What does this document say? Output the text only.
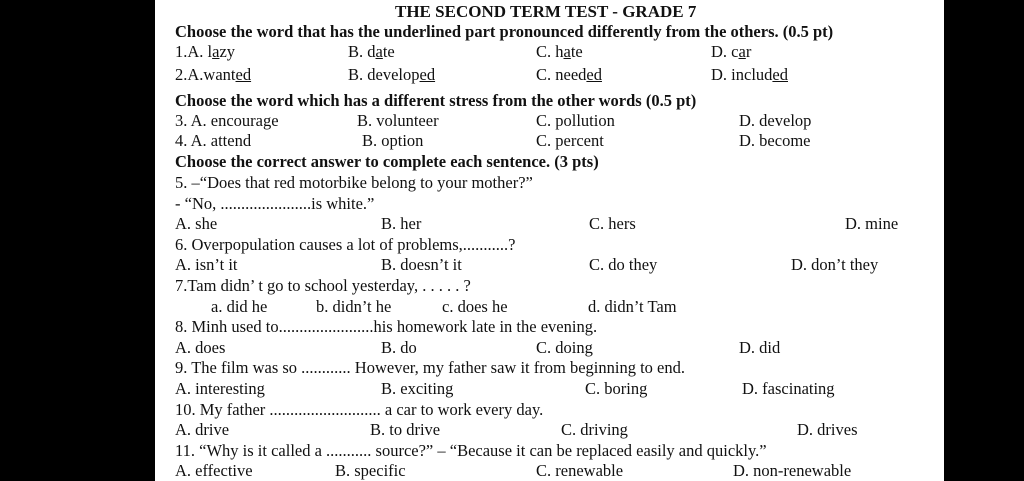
THE SECOND TERM TEST - GRADE 7
Choose the word that has the underlined part pronounced differently from the others. (0.5 pt)
1.A. lazy	B. date	C. hate	D. car
2.A.wanted	B. developed	C. needed	D. included
Choose the word which has a different stress from the other words (0.5 pt)
3. A. encourage	B. volunteer	C. pollution	D. develop
4. A. attend	B. option	C. percent	D. become
Choose the correct answer to complete each sentence. (3 pts)
5. –“Does that red motorbike belong to your mother?”
- “No, ......................is white.”
A. she	B. her	C. hers	D. mine
6. Overpopulation causes a lot of problems,...........?
A. isn’t it	B. doesn’t it	C. do they	D. don’t they
7.Tam didn’ t go to school yesterday, . . . . . ?
a. did he	b. didn’t he	c. does he	d. didn’t Tam
8. Minh used to.......................his homework late in the evening.
A. does	B. do	C. doing	D. did
9. The film was so ............ However, my father saw it from beginning to end.
A. interesting	B. exciting	C. boring	D. fascinating
10. My father ........................... a car to work every day.
A. drive	B. to drive	C. driving	D. drives
11. “Why is it called a ........... source?” – “Because it can be replaced easily and quickly.”
A. effective	B. specific	C. renewable	D. non-renewable
